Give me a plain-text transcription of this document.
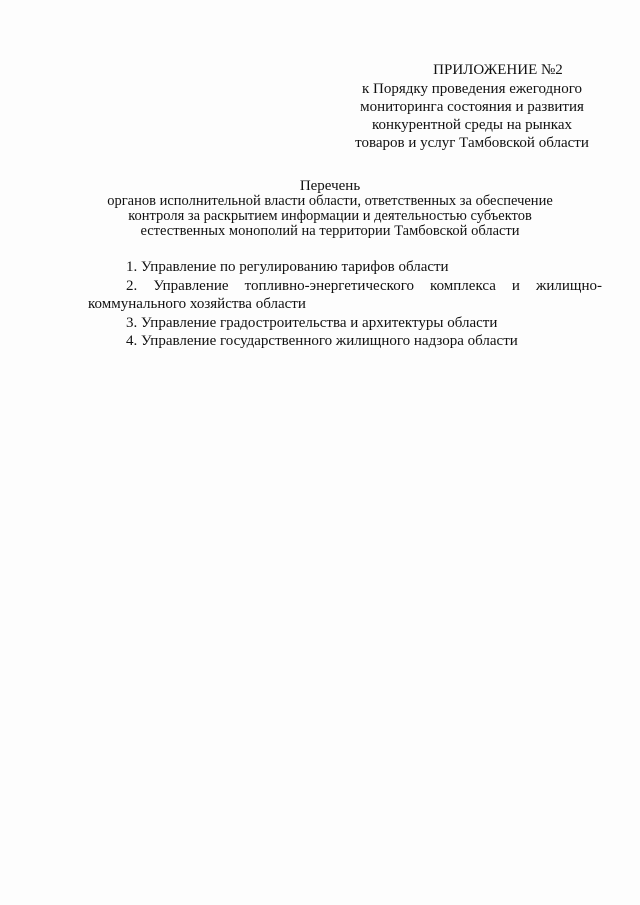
ПРИЛОЖЕНИЕ №2
к Порядку проведения ежегодного
мониторинга состояния и развития
конкурентной среды на рынках
товаров и услуг Тамбовской области
Перечень
органов исполнительной власти области, ответственных за обеспечение
контроля за раскрытием информации и деятельностью субъектов
естественных монополий на территории Тамбовской области

1. Управление по регулированию тарифов области

2. Управление топливно-энергетического комплекса и жилищно-
коммунального хозяйства области

3. Управление градостроительства и архитектуры области

4. Управление государственного жилищного надзора области
